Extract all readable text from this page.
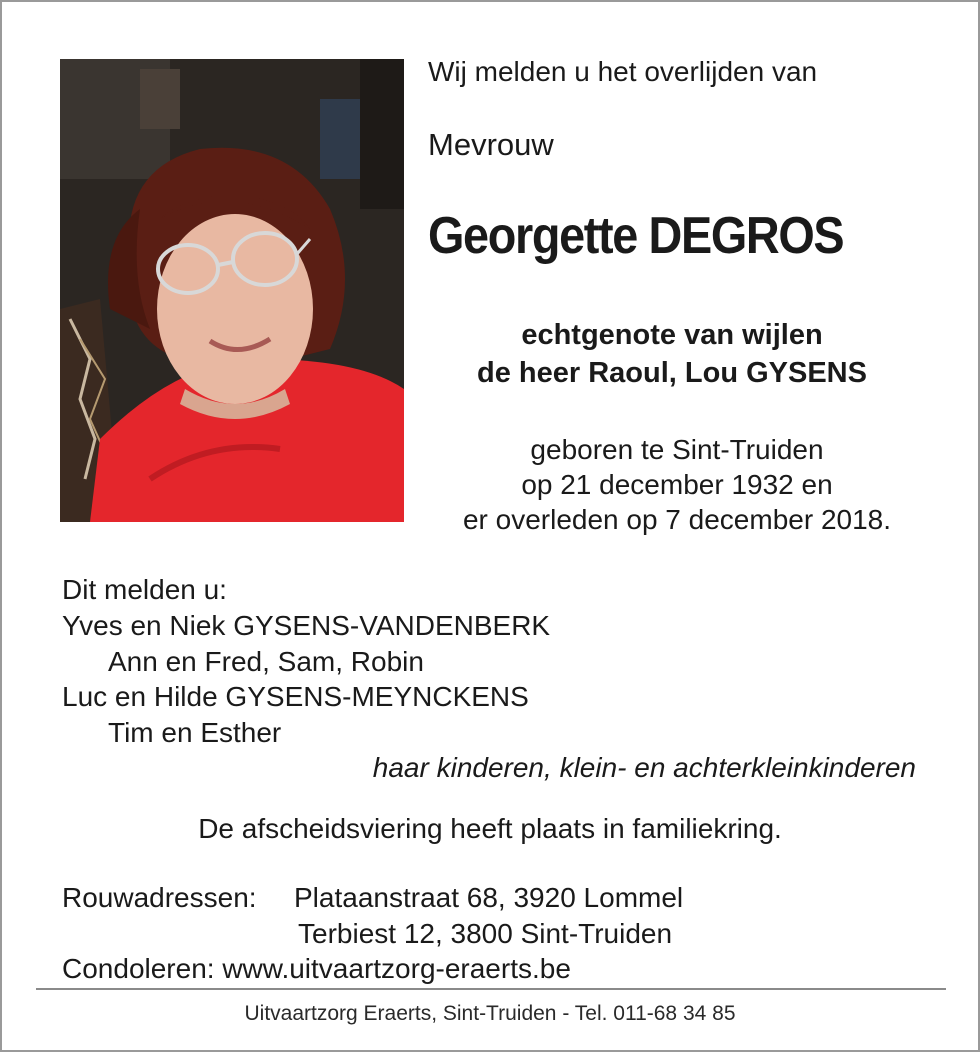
Wij melden u het overlijden van
Mevrouw
Georgette DEGROS
echtgenote van wijlen
de heer Raoul, Lou GYSENS
geboren te Sint-Truiden
op 21 december 1932 en
er overleden op 7 december 2018.
Dit melden u:
Yves en Niek GYSENS-VANDENBERK
Ann en Fred, Sam, Robin
Luc en Hilde GYSENS-MEYNCKENS
Tim en Esther
haar kinderen, klein- en achterkleinkinderen
De afscheidsviering heeft plaats in familiekring.
Rouwadressen: Plataanstraat 68, 3920 Lommel
Terbiest 12, 3800 Sint-Truiden
Condoleren: www.uitvaartzorg-eraerts.be
Uitvaartzorg Eraerts, Sint-Truiden - Tel. 011-68 34 85
